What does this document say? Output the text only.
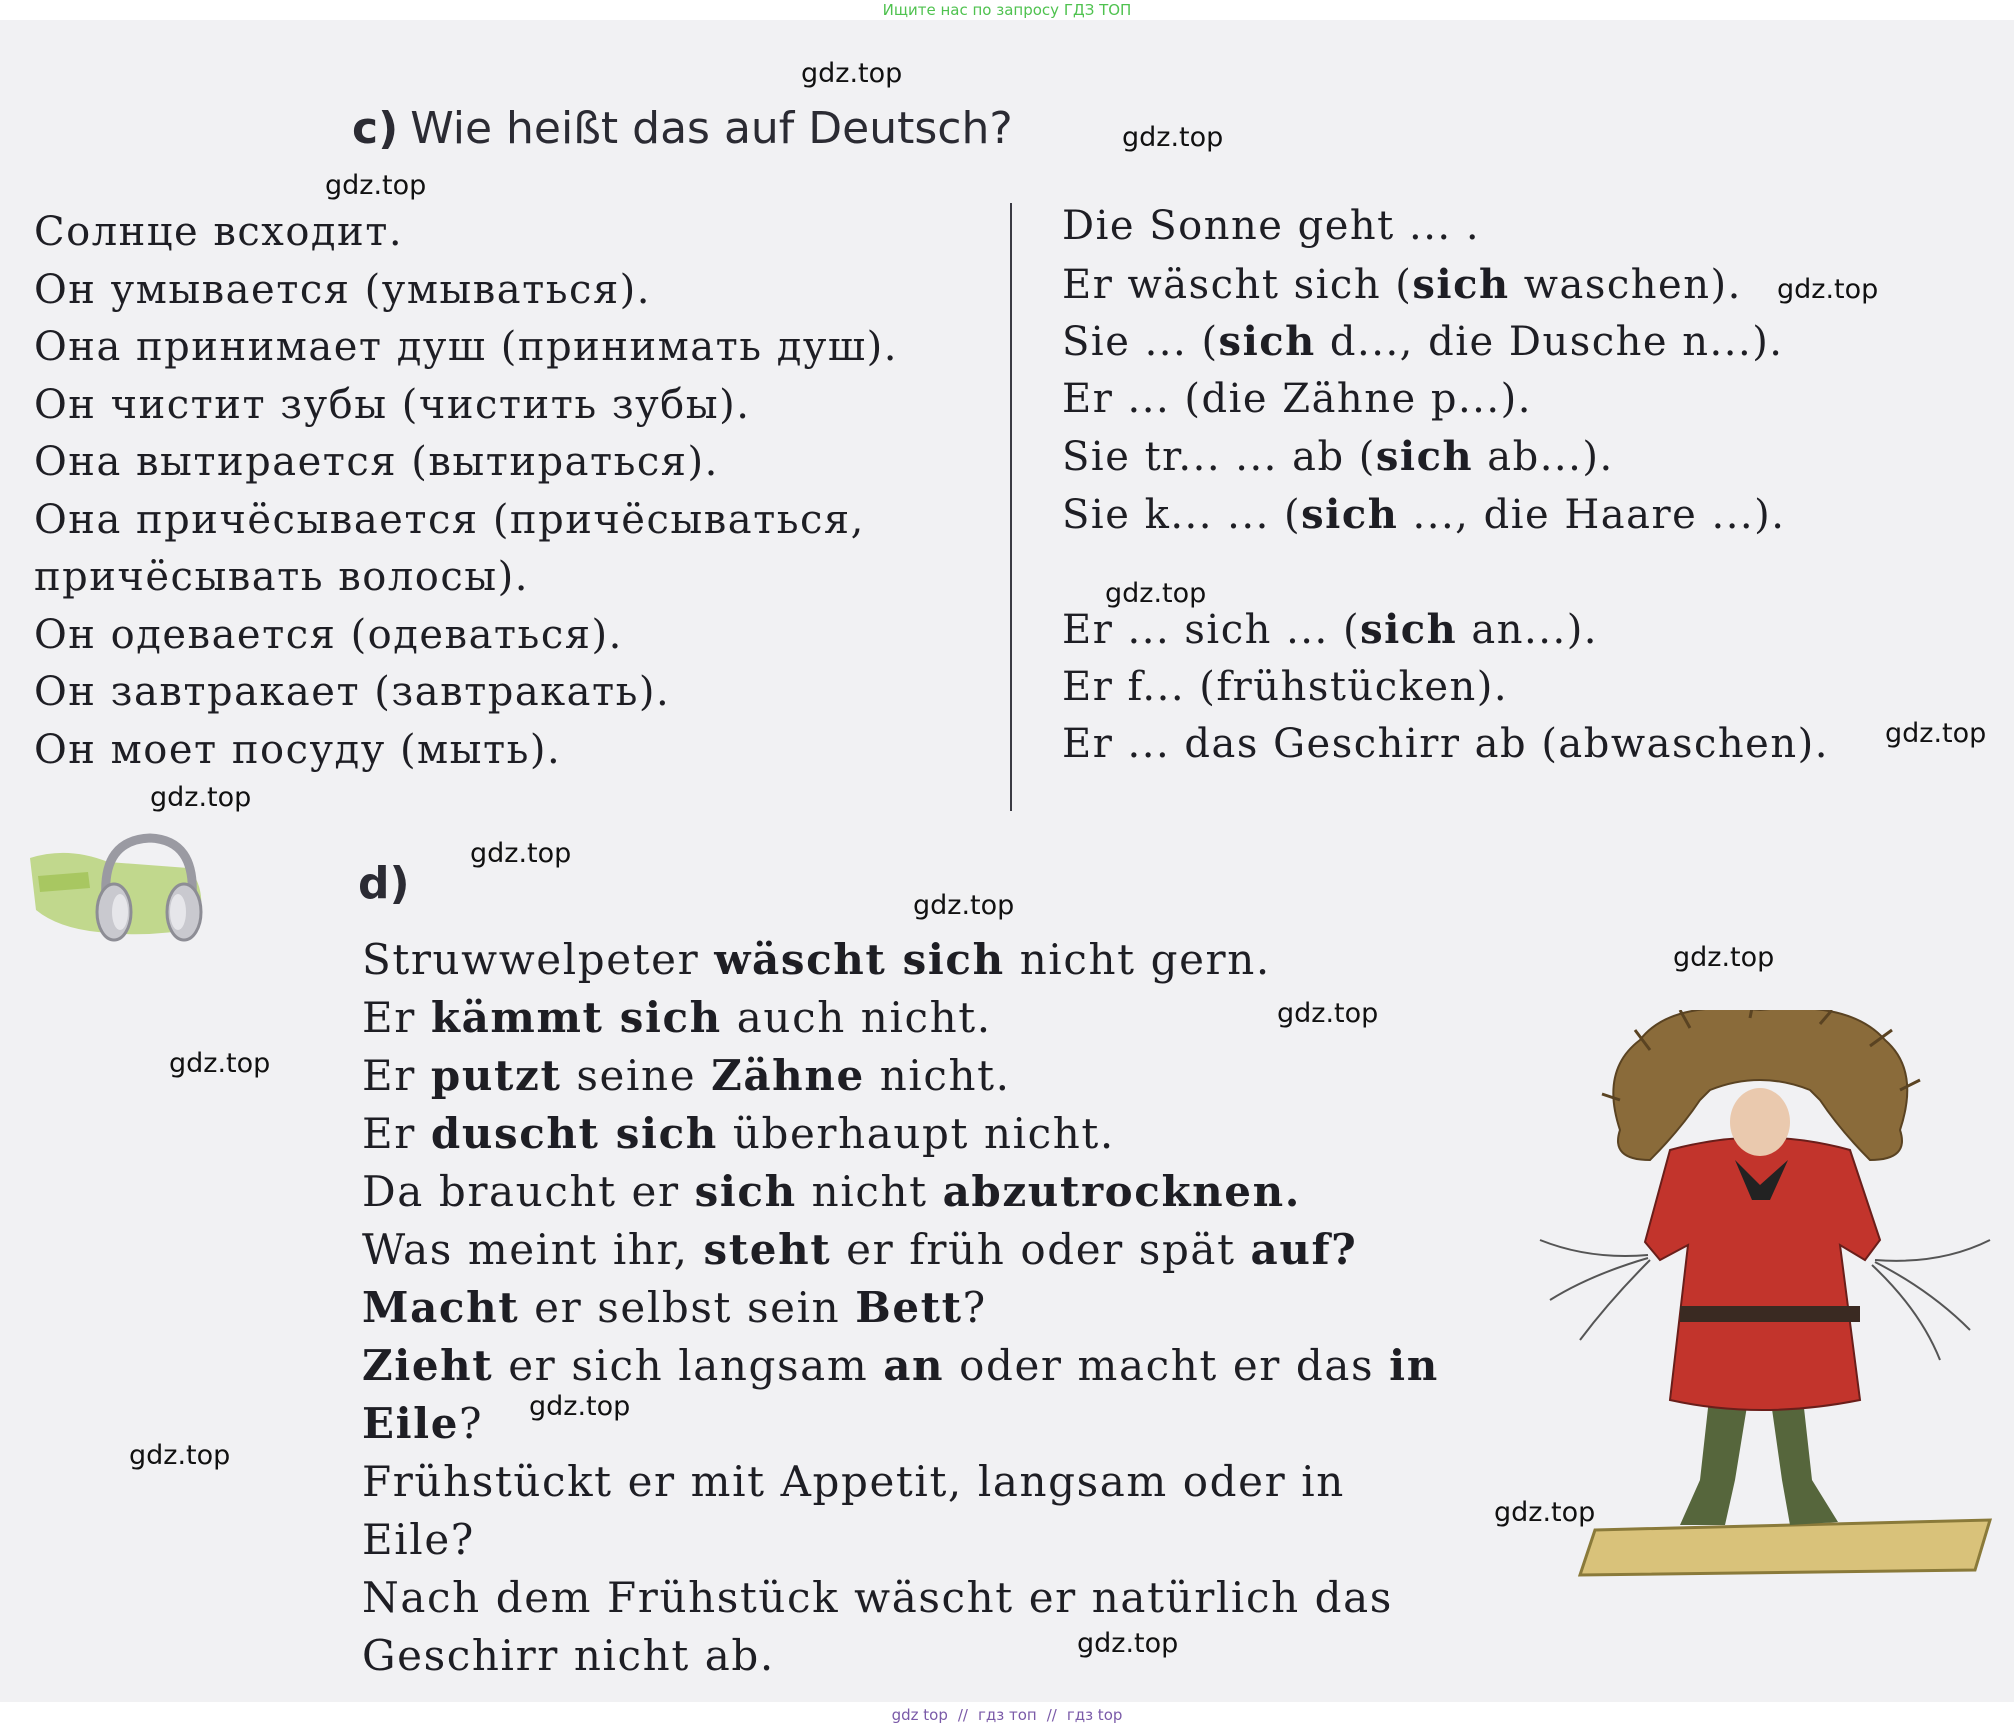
Ищите нас по запросу ГДЗ ТОП
c) Wie heißt das auf Deutsch?
Солнце всходит.
Он умывается (умываться).
Она принимает душ (принимать душ).
Он чистит зубы (чистить зубы).
Она вытирается (вытираться).
Она причёсывается (причёсываться,
причёсывать волосы).
Он одевается (одеваться).
Он завтракает (завтракать).
Он моет посуду (мыть).
Die Sonne geht ... .
Er wäscht sich (sich waschen).
Sie ... (sich d..., die Dusche n...).
Er ... (die Zähne p...).
Sie tr... ... ab (sich ab...).
Sie k... ... (sich ..., die Haare ...).
Er ... sich ... (sich an...).
Er f... (frühstücken).
Er ... das Geschirr ab (abwaschen).
d)
Struwwelpeter wäscht sich nicht gern.
Er kämmt sich auch nicht.
Er putzt seine Zähne nicht.
Er duscht sich überhaupt nicht.
Da braucht er sich nicht abzutrocknen.
Was meint ihr, steht er früh oder spät auf?
Macht er selbst sein Bett?
Zieht er sich langsam an oder macht er das in
Eile?
Frühstückt er mit Appetit, langsam oder in
Eile?
Nach dem Frühstück wäscht er natürlich das
Geschirr nicht ab.
gdz.top
gdz.top
gdz.top
gdz.top
gdz.top
gdz.top
gdz.top
gdz.top
gdz.top
gdz.top
gdz.top
gdz.top
gdz.top
gdz.top
gdz.top
gdz.top
gdz top // гдз топ // гдз top
